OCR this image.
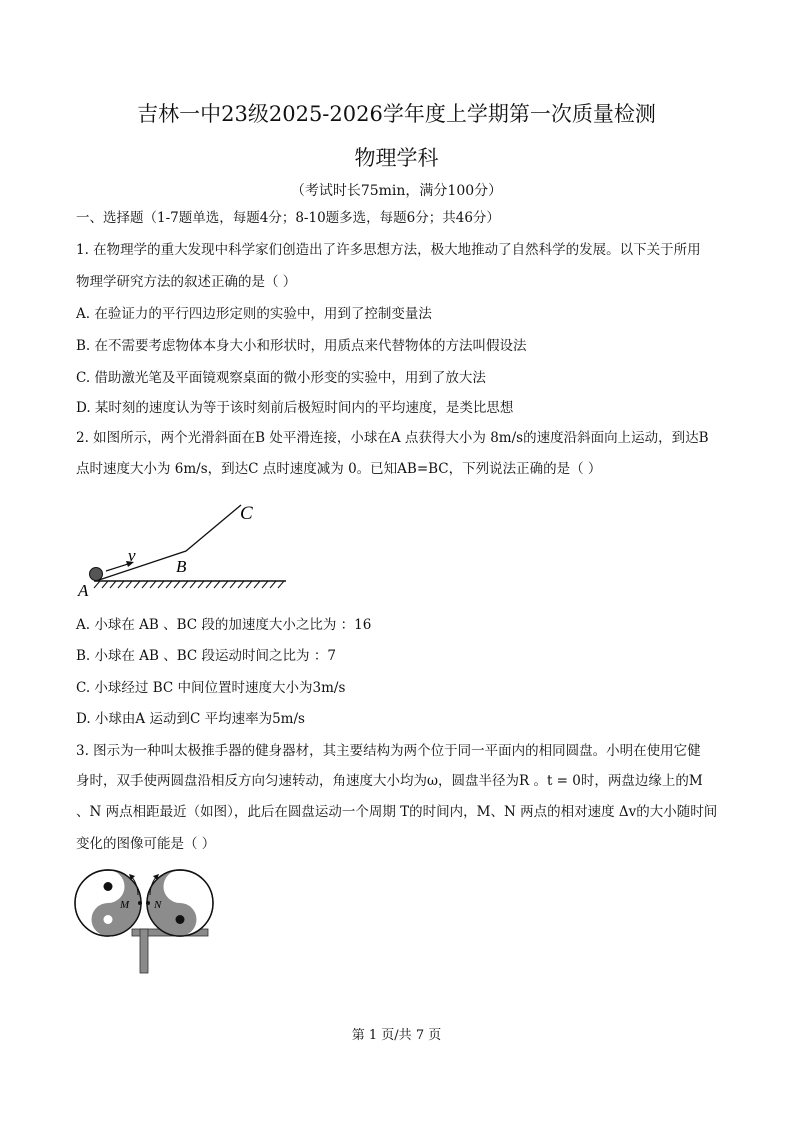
吉林一中23级2025-2026学年度上学期第一次质量检测
物理学科
（考试时长75min，满分100分）
一、选择题（1-7题单选，每题4分；8-10题多选，每题6分；共46分）
1. 在物理学的重大发现中科学家们创造出了许多思想方法，极大地推动了自然科学的发展。以下关于所用
物理学研究方法的叙述正确的是（ ）
A. 在验证力的平行四边形定则的实验中，用到了控制变量法
B. 在不需要考虑物体本身大小和形状时，用质点来代替物体的方法叫假设法
C. 借助激光笔及平面镜观察桌面的微小形变的实验中，用到了放大法
D. 某时刻的速度认为等于该时刻前后极短时间内的平均速度，是类比思想
2. 如图所示，两个光滑斜面在B 处平滑连接，小球在A 点获得大小为 8m/s的速度沿斜面向上运动，到达B
点时速度大小为 6m/s，到达C 点时速度减为 0。已知AB=BC，下列说法正确的是（ ）
v
A
B
C
A. 小球在 AB 、BC 段的加速度大小之比为 ：16
B. 小球在 AB 、BC 段运动时间之比为 ：7
C. 小球经过 BC 中间位置时速度大小为3m/s
D. 小球由A 运动到C 平均速率为5m/s
3. 图示为一种叫太极推手器的健身器材，其主要结构为两个位于同一平面内的相同圆盘。小明在使用它健
身时，双手使两圆盘沿相反方向匀速转动，角速度大小均为ω，圆盘半径为R 。t = 0时，两盘边缘上的M
、N 两点相距最近（如图），此后在圆盘运动一个周期 T的时间内，M、N 两点的相对速度 Δv的大小随时间
变化的图像可能是（ ）
M N
第 1 页/共 7 页
